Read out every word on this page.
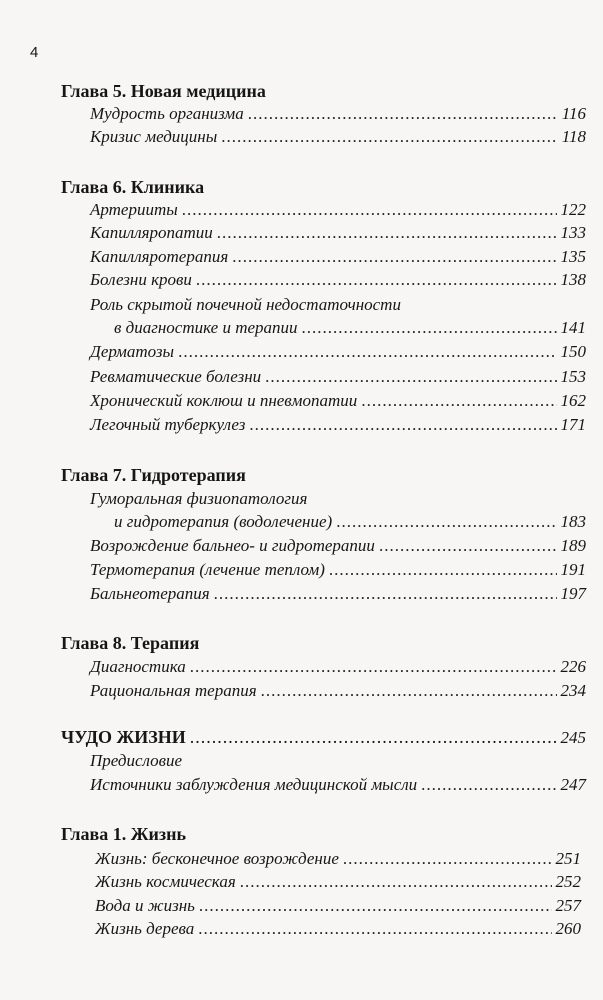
4
Глава 5. Новая медицина
Мудрость организма .....	116
Кризис медицины .....	118
Глава 6. Клиника
Артерииты .....	122
Капилляропатии .....	133
Капилляротерапия .....	135
Болезни крови .....	138
Роль скрытой почечной недостаточности
в диагностике и терапии .....	141
Дерматозы .....	150
Ревматические болезни .....	153
Хронический коклюш и пневмопатии .....	162
Легочный туберкулез .....	171
Глава 7. Гидротерапия
Гуморальная физиопатология
и гидротерапия (водолечение) .....	183
Возрождение бальнео- и гидротерапии .....	189
Термотерапия (лечение теплом) .....	191
Бальнеотерапия .....	197
Глава 8. Терапия
Диагностика .....	226
Рациональная терапия .....	234
ЧУДО ЖИЗНИ .....	245
Предисловие
Источники заблуждения медицинской мысли .....	247
Глава 1. Жизнь
Жизнь: бесконечное возрождение .....	251
Жизнь космическая .....	252
Вода и жизнь .....	257
Жизнь дерева .....	260
